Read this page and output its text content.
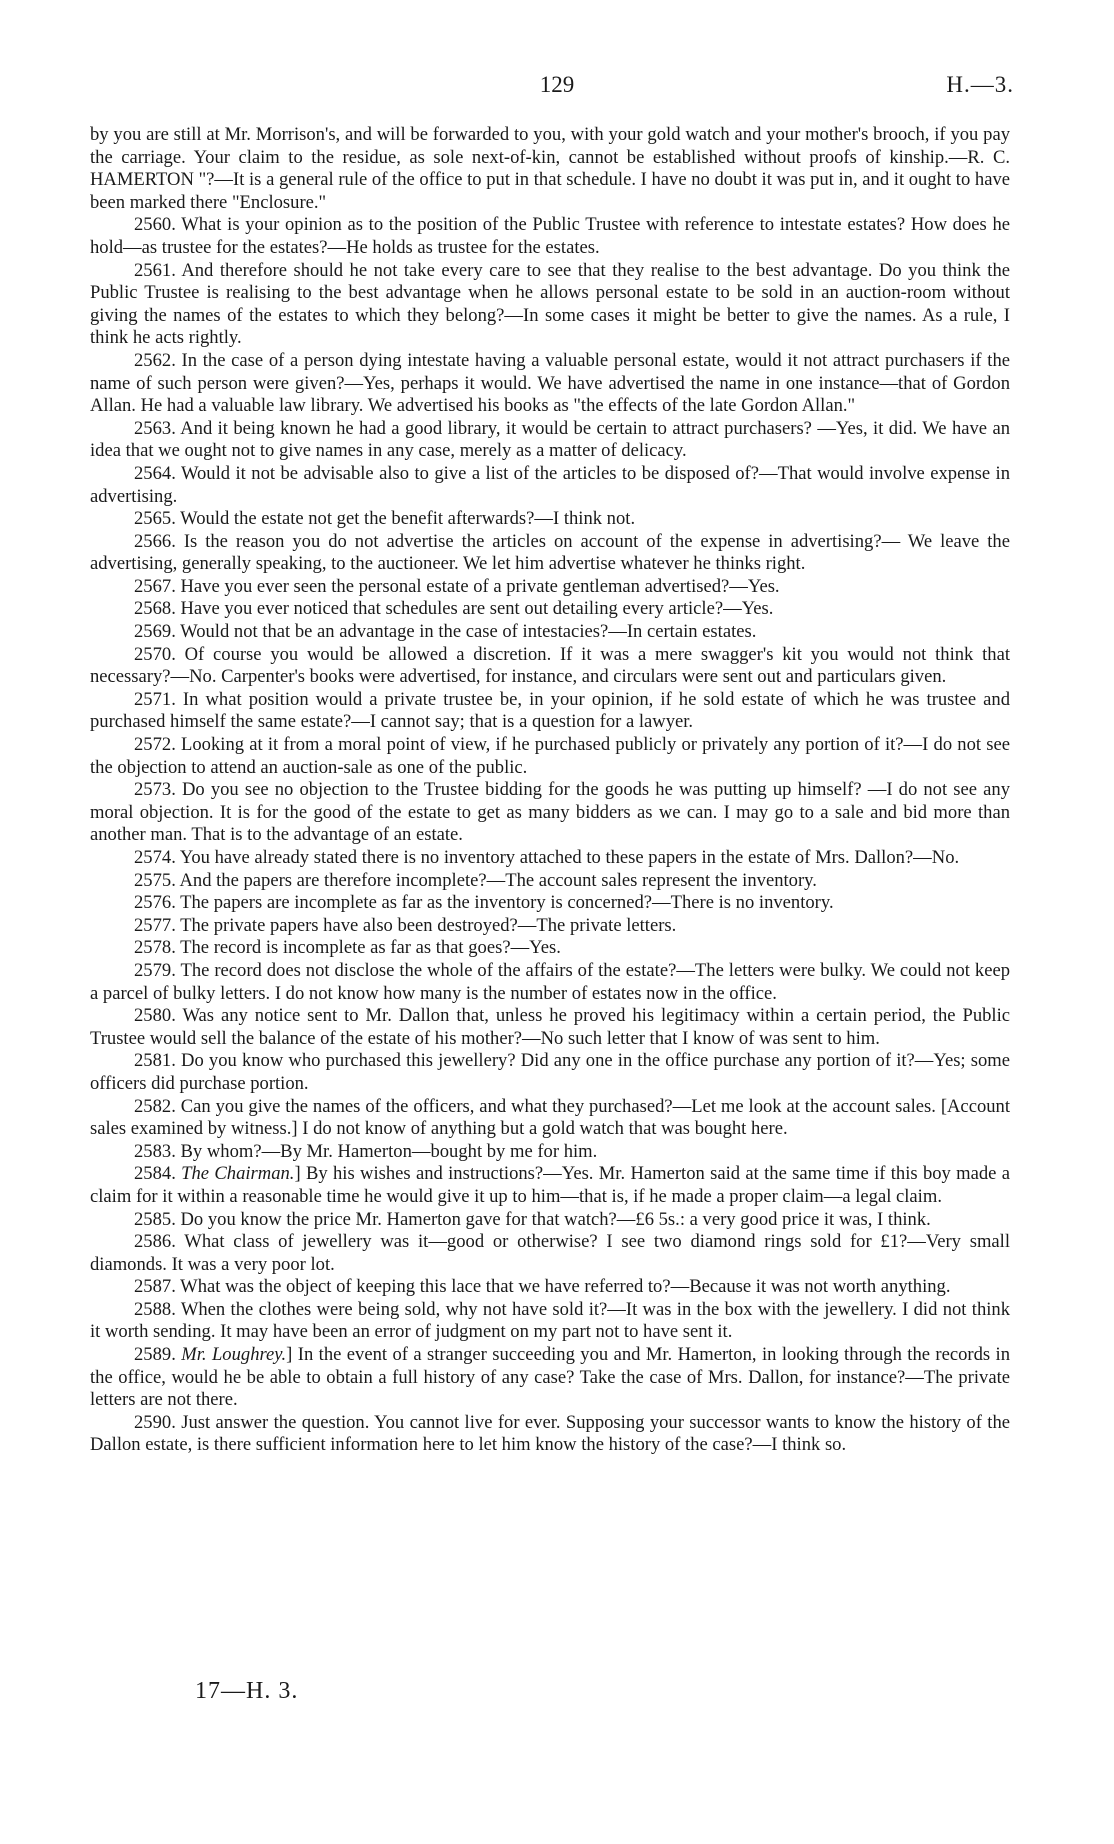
129	H.—3.

by you are still at Mr. Morrison's, and will be forwarded to you, with your gold watch and your mother's brooch, if you pay the carriage. Your claim to the residue, as sole next-of-kin, cannot be established without proofs of kinship.—R. C. HAMERTON "?—It is a general rule of the office to put in that schedule. I have no doubt it was put in, and it ought to have been marked there "Enclosure."

2560. What is your opinion as to the position of the Public Trustee with reference to intestate estates? How does he hold—as trustee for the estates?—He holds as trustee for the estates.

2561. And therefore should he not take every care to see that they realise to the best advantage. Do you think the Public Trustee is realising to the best advantage when he allows personal estate to be sold in an auction-room without giving the names of the estates to which they belong?—In some cases it might be better to give the names. As a rule, I think he acts rightly.

2562. In the case of a person dying intestate having a valuable personal estate, would it not attract purchasers if the name of such person were given?—Yes, perhaps it would. We have advertised the name in one instance—that of Gordon Allan. He had a valuable law library. We advertised his books as "the effects of the late Gordon Allan."

2563. And it being known he had a good library, it would be certain to attract purchasers? —Yes, it did. We have an idea that we ought not to give names in any case, merely as a matter of delicacy.

2564. Would it not be advisable also to give a list of the articles to be disposed of?—That would involve expense in advertising.

2565. Would the estate not get the benefit afterwards?—I think not.

2566. Is the reason you do not advertise the articles on account of the expense in advertising?— We leave the advertising, generally speaking, to the auctioneer. We let him advertise whatever he thinks right.

2567. Have you ever seen the personal estate of a private gentleman advertised?—Yes.

2568. Have you ever noticed that schedules are sent out detailing every article?—Yes.

2569. Would not that be an advantage in the case of intestacies?—In certain estates.

2570. Of course you would be allowed a discretion. If it was a mere swagger's kit you would not think that necessary?—No. Carpenter's books were advertised, for instance, and circulars were sent out and particulars given.

2571. In what position would a private trustee be, in your opinion, if he sold estate of which he was trustee and purchased himself the same estate?—I cannot say; that is a question for a lawyer.

2572. Looking at it from a moral point of view, if he purchased publicly or privately any portion of it?—I do not see the objection to attend an auction-sale as one of the public.

2573. Do you see no objection to the Trustee bidding for the goods he was putting up himself? —I do not see any moral objection. It is for the good of the estate to get as many bidders as we can. I may go to a sale and bid more than another man. That is to the advantage of an estate.

2574. You have already stated there is no inventory attached to these papers in the estate of Mrs. Dallon?—No.

2575. And the papers are therefore incomplete?—The account sales represent the inventory.

2576. The papers are incomplete as far as the inventory is concerned?—There is no inventory.

2577. The private papers have also been destroyed?—The private letters.

2578. The record is incomplete as far as that goes?—Yes.

2579. The record does not disclose the whole of the affairs of the estate?—The letters were bulky. We could not keep a parcel of bulky letters. I do not know how many is the number of estates now in the office.

2580. Was any notice sent to Mr. Dallon that, unless he proved his legitimacy within a certain period, the Public Trustee would sell the balance of the estate of his mother?—No such letter that I know of was sent to him.

2581. Do you know who purchased this jewellery? Did any one in the office purchase any portion of it?—Yes; some officers did purchase portion.

2582. Can you give the names of the officers, and what they purchased?—Let me look at the account sales. [Account sales examined by witness.] I do not know of anything but a gold watch that was bought here.

2583. By whom?—By Mr. Hamerton—bought by me for him.

2584. The Chairman.] By his wishes and instructions?—Yes. Mr. Hamerton said at the same time if this boy made a claim for it within a reasonable time he would give it up to him—that is, if he made a proper claim—a legal claim.

2585. Do you know the price Mr. Hamerton gave for that watch?—£6 5s.: a very good price it was, I think.

2586. What class of jewellery was it—good or otherwise? I see two diamond rings sold for £1?—Very small diamonds. It was a very poor lot.

2587. What was the object of keeping this lace that we have referred to?—Because it was not worth anything.

2588. When the clothes were being sold, why not have sold it?—It was in the box with the jewellery. I did not think it worth sending. It may have been an error of judgment on my part not to have sent it.

2589. Mr. Loughrey.] In the event of a stranger succeeding you and Mr. Hamerton, in looking through the records in the office, would he be able to obtain a full history of any case? Take the case of Mrs. Dallon, for instance?—The private letters are not there.

2590. Just answer the question. You cannot live for ever. Supposing your successor wants to know the history of the Dallon estate, is there sufficient information here to let him know the history of the case?—I think so.

17—H. 3.
